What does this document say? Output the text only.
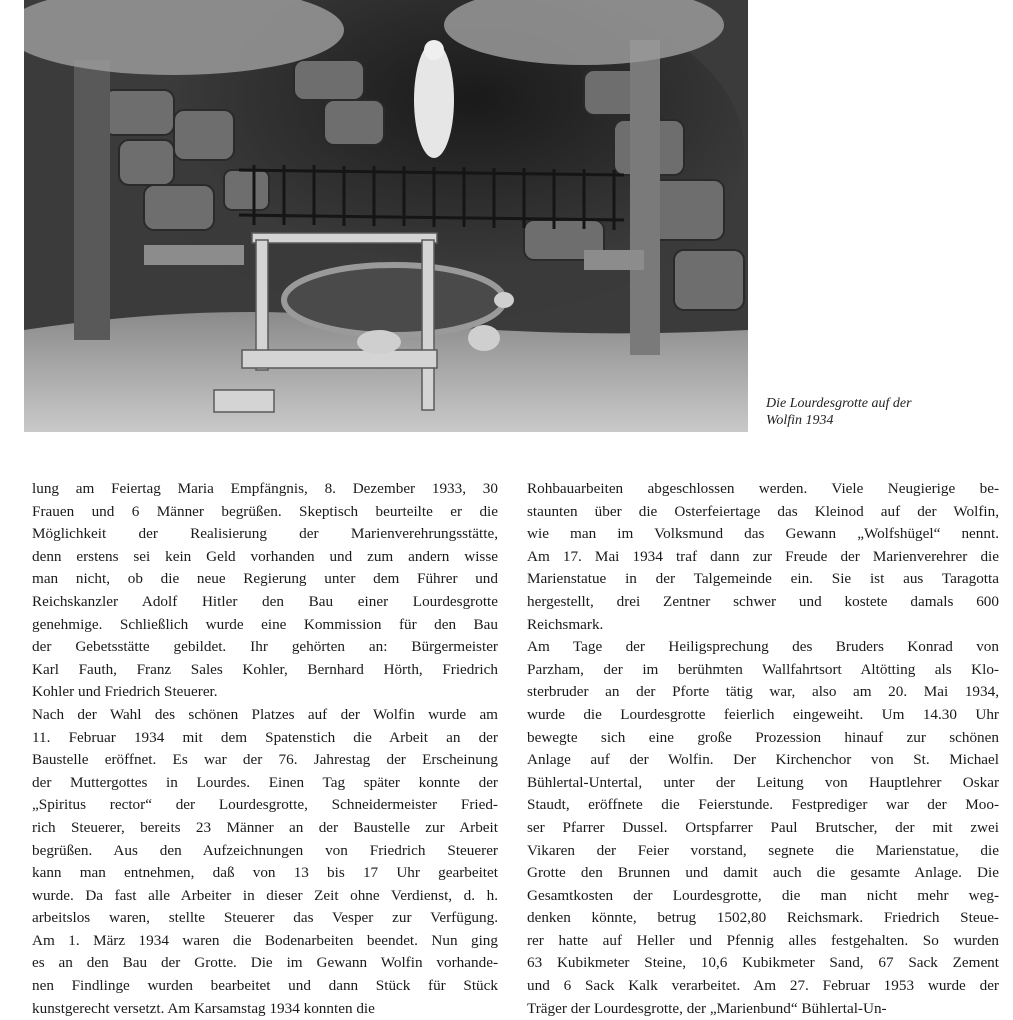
Die Lourdesgrotte auf der
Wolfin 1934
lung am Feiertag Maria Empfängnis, 8. Dezember 1933, 30
Frauen und 6 Männer begrüßen. Skeptisch beurteilte er die
Möglichkeit der Realisierung der Marienverehrungsstätte,
denn erstens sei kein Geld vorhanden und zum andern wisse
man nicht, ob die neue Regierung unter dem Führer und
Reichskanzler Adolf Hitler den Bau einer Lourdesgrotte
genehmige. Schließlich wurde eine Kommission für den Bau
der Gebetsstätte gebildet. Ihr gehörten an: Bürgermeister
Karl Fauth, Franz Sales Kohler, Bernhard Hörth, Friedrich
Kohler und Friedrich Steuerer.
Nach der Wahl des schönen Platzes auf der Wolfin wurde am
11. Februar 1934 mit dem Spatenstich die Arbeit an der
Baustelle eröffnet. Es war der 76. Jahrestag der Erscheinung
der Muttergottes in Lourdes. Einen Tag später konnte der
„Spiritus rector“ der Lourdesgrotte, Schneidermeister Fried-
rich Steuerer, bereits 23 Männer an der Baustelle zur Arbeit
begrüßen. Aus den Aufzeichnungen von Friedrich Steuerer
kann man entnehmen, daß von 13 bis 17 Uhr gearbeitet
wurde. Da fast alle Arbeiter in dieser Zeit ohne Verdienst, d. h.
arbeitslos waren, stellte Steuerer das Vesper zur Verfügung.
Am 1. März 1934 waren die Bodenarbeiten beendet. Nun ging
es an den Bau der Grotte. Die im Gewann Wolfin vorhande-
nen Findlinge wurden bearbeitet und dann Stück für Stück
kunstgerecht versetzt. Am Karsamstag 1934 konnten die
Rohbauarbeiten abgeschlossen werden. Viele Neugierige be-
staunten über die Osterfeiertage das Kleinod auf der Wolfin,
wie man im Volksmund das Gewann „Wolfshügel“ nennt.
Am 17. Mai 1934 traf dann zur Freude der Marienverehrer die
Marienstatue in der Talgemeinde ein. Sie ist aus Taragotta
hergestellt, drei Zentner schwer und kostete damals 600
Reichsmark.
Am Tage der Heiligsprechung des Bruders Konrad von
Parzham, der im berühmten Wallfahrtsort Altötting als Klo-
sterbruder an der Pforte tätig war, also am 20. Mai 1934,
wurde die Lourdesgrotte feierlich eingeweiht. Um 14.30 Uhr
bewegte sich eine große Prozession hinauf zur schönen
Anlage auf der Wolfin. Der Kirchenchor von St. Michael
Bühlertal-Untertal, unter der Leitung von Hauptlehrer Oskar
Staudt, eröffnete die Feierstunde. Festprediger war der Moo-
ser Pfarrer Dussel. Ortspfarrer Paul Brutscher, der mit zwei
Vikaren der Feier vorstand, segnete die Marienstatue, die
Grotte den Brunnen und damit auch die gesamte Anlage. Die
Gesamtkosten der Lourdesgrotte, die man nicht mehr weg-
denken könnte, betrug 1502,80 Reichsmark. Friedrich Steue-
rer hatte auf Heller und Pfennig alles festgehalten. So wurden
63 Kubikmeter Steine, 10,6 Kubikmeter Sand, 67 Sack Zement
und 6 Sack Kalk verarbeitet. Am 27. Februar 1953 wurde der
Träger der Lourdesgrotte, der „Marienbund“ Bühlertal-Un-
